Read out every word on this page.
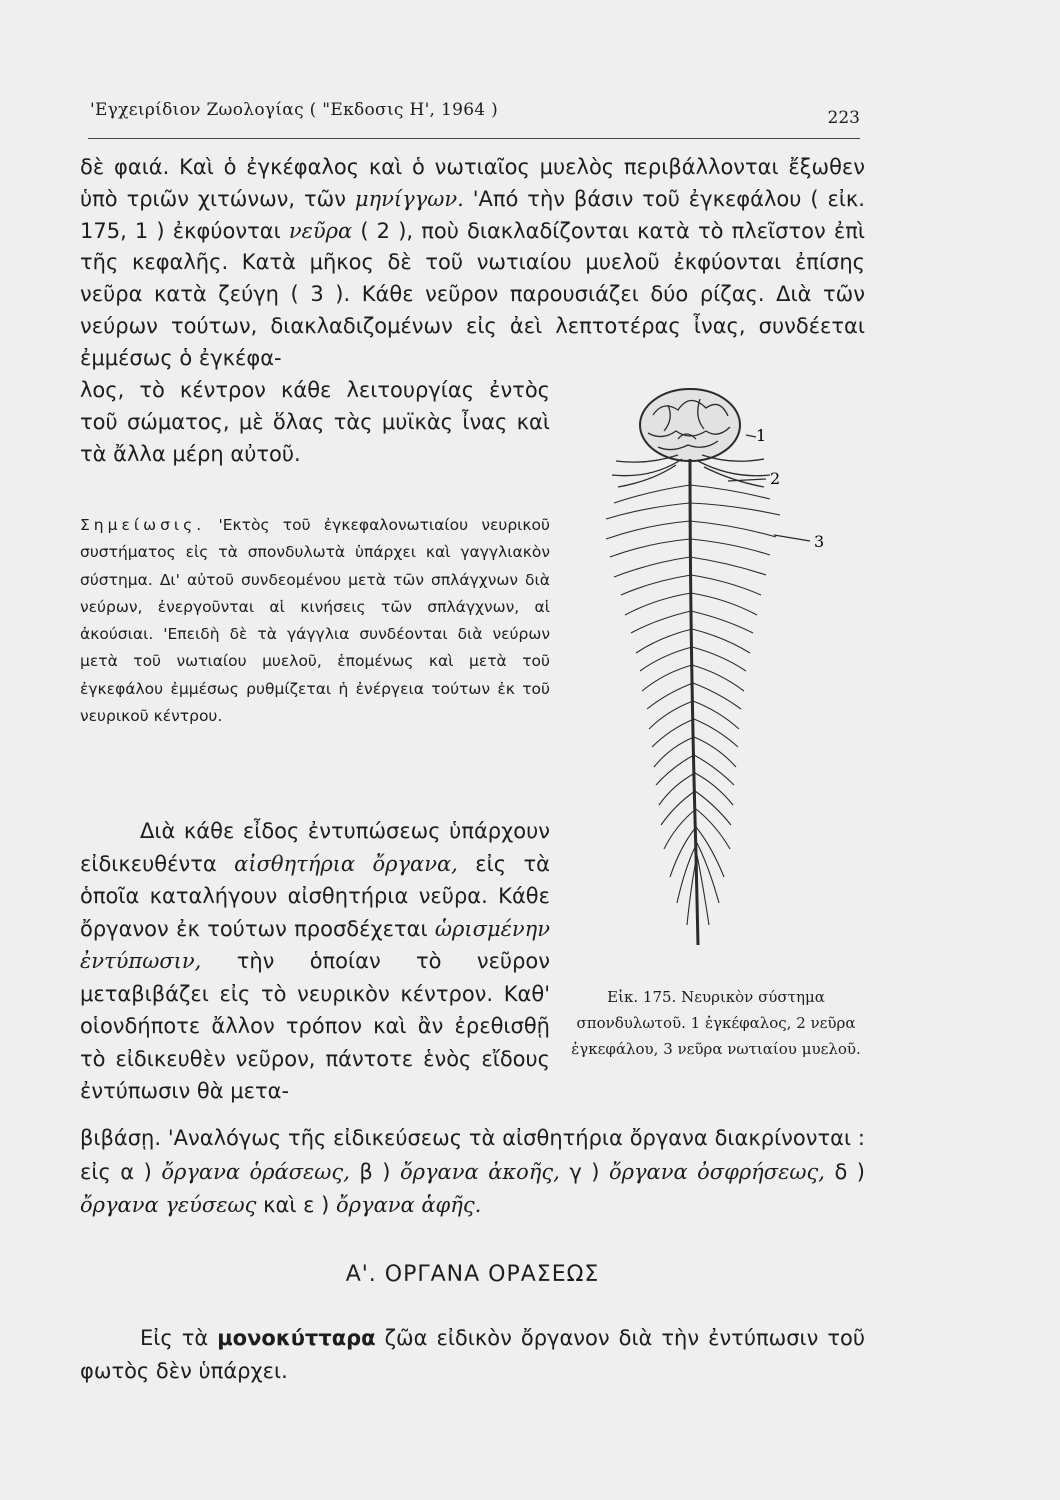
'Εγχειρίδιον Ζωολογίας ( "Εκδοσις Η', 1964 )	223
δὲ φαιά. Καὶ ὁ ἐγκέφαλος καὶ ὁ νωτιαῖος μυελὸς περιβάλλονται ἔξωθεν ὑπὸ τριῶν χιτώνων, τῶν μηνίγγων. 'Από τὴν βάσιν τοῦ ἐγκεφάλου ( εἰκ. 175, 1 ) ἐκφύονται νεῦρα ( 2 ), ποὺ διακλαδίζονται κατὰ τὸ πλεῖστον ἐπὶ τῆς κεφαλῆς. Κατὰ μῆκος δὲ τοῦ νωτιαίου μυελοῦ ἐκφύονται ἐπίσης νεῦρα κατὰ ζεύγη ( 3 ). Κάθε νεῦρον παρουσιάζει δύο ρίζας. Διὰ τῶν νεύρων τούτων, διακλαδιζομένων εἰς ἀεὶ λεπτοτέρας ἶνας, συνδέεται ἐμμέσως ὁ ἐγκέφα-
λος, τὸ κέντρον κάθε λειτουργίας ἐντὸς τοῦ σώματος, μὲ ὅλας τὰς μυϊκὰς ἶνας καὶ τὰ ἄλλα μέρη αὐτοῦ.
Σημείωσις. 'Εκτὸς τοῦ ἐγκεφαλονωτιαίου νευρικοῦ συστήματος εἰς τὰ σπονδυλωτὰ ὑπάρχει καὶ γαγγλιακὸν σύστημα. Δι' αὐτοῦ συνδεομένου μετὰ τῶν σπλάγχνων διὰ νεύρων, ἐνεργοῦνται αἱ κινήσεις τῶν σπλάγχνων, αἱ ἀκούσιαι. 'Επειδὴ δὲ τὰ γάγγλια συνδέονται διὰ νεύρων μετὰ τοῦ νωτιαίου μυελοῦ, ἑπομένως καὶ μετὰ τοῦ ἐγκεφάλου ἐμμέσως ρυθμίζεται ἡ ἐνέργεια τούτων ἐκ τοῦ νευρικοῦ κέντρου.
Διὰ κάθε εἶδος ἐντυπώσεως ὑπάρχουν εἰδικευθέντα αἰσθητήρια ὄργανα, εἰς τὰ ὁποῖα καταλήγουν αἰσθητήρια νεῦρα. Κάθε ὄργανον ἐκ τούτων προσδέχεται ὡρισμένην ἐντύπωσιν, τὴν ὁποίαν τὸ νεῦρον μεταβιβάζει εἰς τὸ νευρικὸν κέντρον. Καθ' οἱονδήποτε ἄλλον τρόπον καὶ ἂν ἐρεθισθῇ τὸ εἰδικευθὲν νεῦρον, πάντοτε ἑνὸς εἴδους ἐντύπωσιν θὰ μετα-
βιβάσῃ. 'Αναλόγως τῆς εἰδικεύσεως τὰ αἰσθητήρια ὄργανα διακρίνονται : εἰς α ) ὄργανα ὁράσεως, β ) ὄργανα ἀκοῆς, γ ) ὄργανα ὀσφρήσεως, δ ) ὄργανα γεύσεως καὶ ε ) ὄργανα ἁφῆς.
Α'. ΟΡΓΑΝΑ ΟΡΑΣΕΩΣ
Εἰς τὰ μονοκύτταρα ζῶα εἰδικὸν ὄργανον διὰ τὴν ἐντύπωσιν τοῦ φωτὸς δὲν ὑπάρχει.
1
2
3
Εἰκ. 175. Νευρικὸν σύστημα σπονδυλωτοῦ. 1 ἐγκέφαλος, 2 νεῦρα ἐγκεφάλου, 3 νεῦρα νωτιαίου μυελοῦ.
